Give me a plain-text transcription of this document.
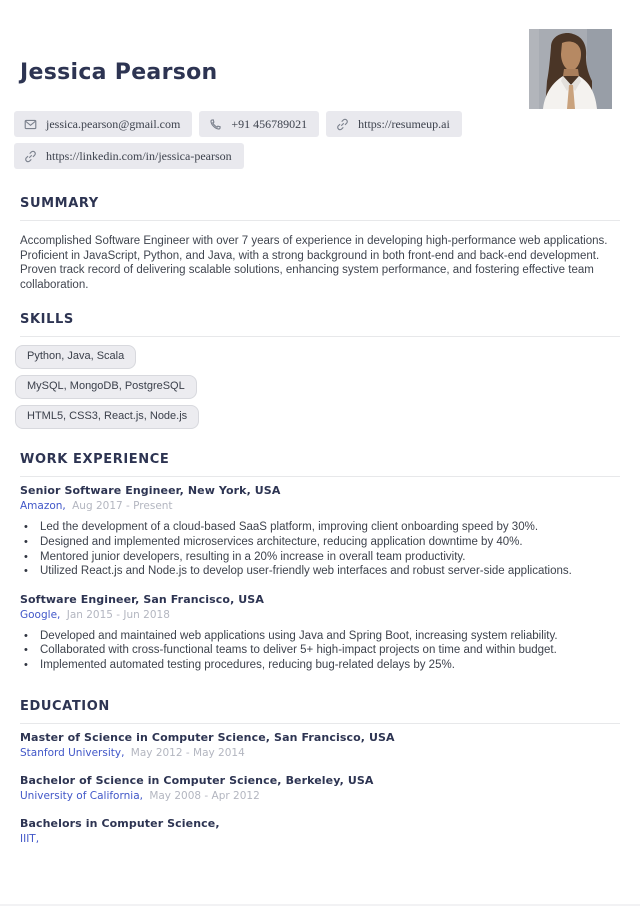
Jessica Pearson
jessica.pearson@gmail.com	+91 456789021	https://resumeup.ai
https://linkedin.com/in/jessica-pearson
SUMMARY

Accomplished Software Engineer with over 7 years of experience in developing high-performance web applications. Proficient in JavaScript, Python, and Java, with a strong background in both front-end and back-end development. Proven track record of delivering scalable solutions, enhancing system performance, and fostering effective team collaboration.

SKILLS
Python, Java, Scala
MySQL, MongoDB, PostgreSQL
HTML5, CSS3, React.js, Node.js
WORK EXPERIENCE
Senior Software Engineer, New York, USA
Amazon, Aug 2017 - Present
•	Led the development of a cloud-based SaaS platform, improving client onboarding speed by 30%.
•	Designed and implemented microservices architecture, reducing application downtime by 40%.
•	Mentored junior developers, resulting in a 20% increase in overall team productivity.
•	Utilized React.js and Node.js to develop user-friendly web interfaces and robust server-side applications.
Software Engineer, San Francisco, USA
Google, Jan 2015 - Jun 2018
•	Developed and maintained web applications using Java and Spring Boot, increasing system reliability.
•	Collaborated with cross-functional teams to deliver 5+ high-impact projects on time and within budget.
•	Implemented automated testing procedures, reducing bug-related delays by 25%.
EDUCATION
Master of Science in Computer Science, San Francisco, USA
Stanford University, May 2012 - May 2014
Bachelor of Science in Computer Science, Berkeley, USA
University of California, May 2008 - Apr 2012
Bachelors in Computer Science,
IIIT,
